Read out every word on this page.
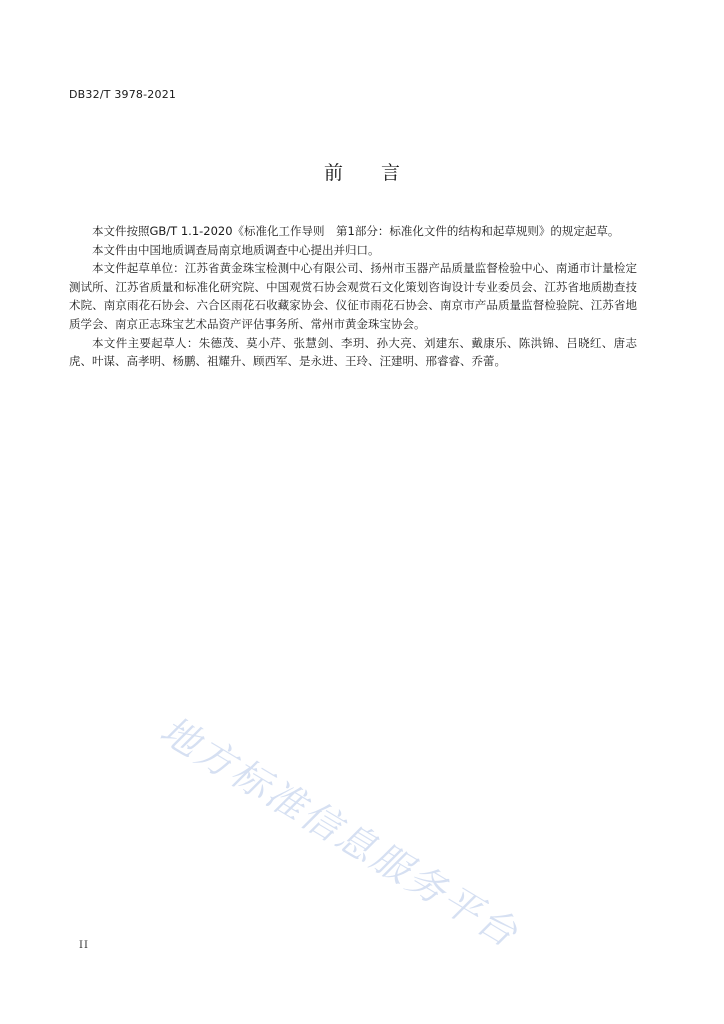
DB32/T 3978-2021
前 言

本文件按照GB/T 1.1-2020《标准化工作导则　第1部分：标准化文件的结构和起草规则》的规定起草。

本文件由中国地质调查局南京地质调查中心提出并归口。

本文件起草单位：江苏省黄金珠宝检测中心有限公司、扬州市玉器产品质量监督检验中心、南通市计量检定测试所、江苏省质量和标准化研究院、中国观赏石协会观赏石文化策划咨询设计专业委员会、江苏省地质勘查技术院、南京雨花石协会、六合区雨花石收藏家协会、仪征市雨花石协会、南京市产品质量监督检验院、江苏省地质学会、南京正志珠宝艺术品资产评估事务所、常州市黄金珠宝协会。

本文件主要起草人：朱德茂、莫小芹、张慧剑、李玥、孙大亮、刘建东、戴康乐、陈洪锦、吕晓红、唐志虎、叶谋、高孝明、杨鹏、祖耀升、顾西军、是永进、王玲、汪建明、邢睿睿、乔蕾。

地方标准信息服务平台
II
